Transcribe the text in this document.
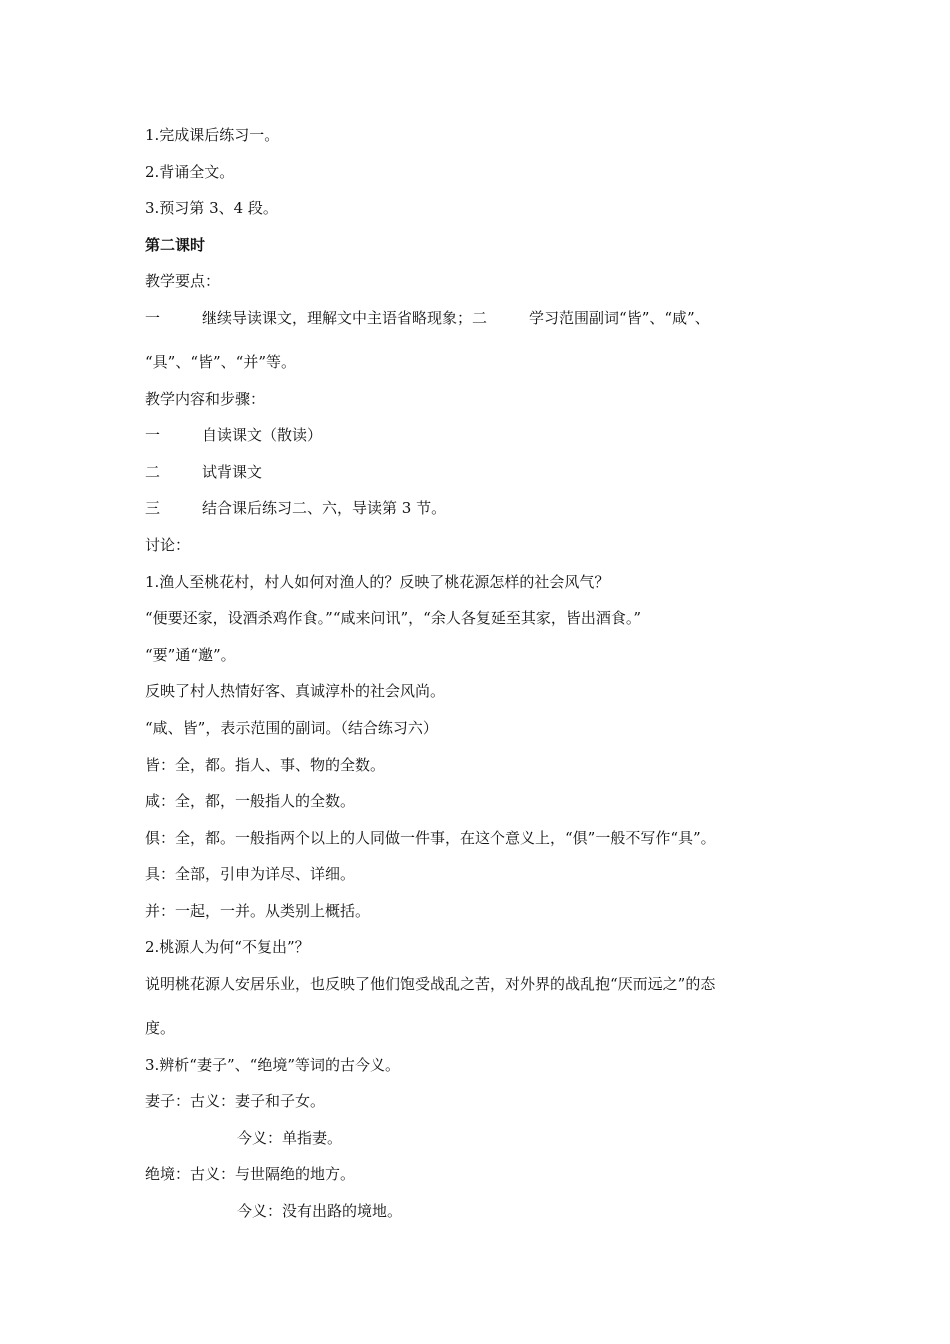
1.完成课后练习一。
2.背诵全文。
3.预习第 3、4 段。
第二课时
教学要点：
一	继续导读课文，理解文中主语省略现象；二	学习范围副词“皆”、“咸”、
“具”、“皆”、“并”等。
教学内容和步骤：
一	自读课文（散读）
二	试背课文
三	结合课后练习二、六，导读第 3 节。
讨论：
1.渔人至桃花村，村人如何对渔人的？反映了桃花源怎样的社会风气？
“便要还家，设酒杀鸡作食。”“咸来问讯”，“余人各复延至其家，皆出酒食。”
“要”通“邀”。
反映了村人热情好客、真诚淳朴的社会风尚。
“咸、皆”，表示范围的副词。（结合练习六）
皆：全，都。指人、事、物的全数。
咸：全，都，一般指人的全数。
俱：全，都。一般指两个以上的人同做一件事，在这个意义上，“俱”一般不写作“具”。
具：全部，引申为详尽、详细。
并：一起，一并。从类别上概括。
2.桃源人为何“不复出”？
说明桃花源人安居乐业，也反映了他们饱受战乱之苦，对外界的战乱抱“厌而远之”的态
度。
3.辨析“妻子”、“绝境”等词的古今义。
妻子：古义：妻子和子女。
今义：单指妻。
绝境：古义：与世隔绝的地方。
今义：没有出路的境地。
